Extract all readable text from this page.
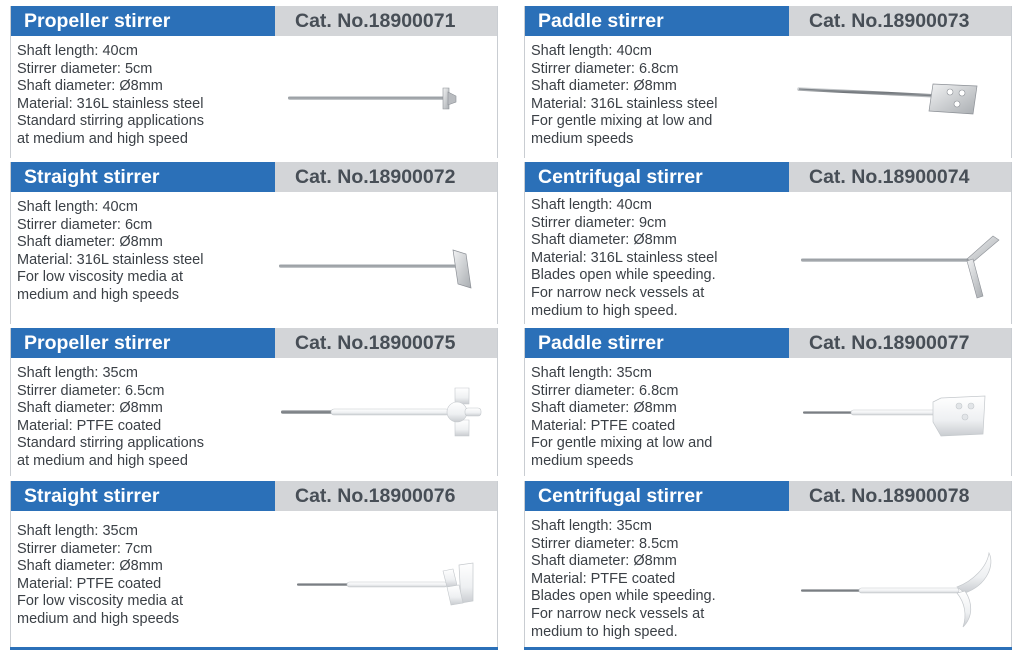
Propeller stirrer	Cat. No.18900071
Shaft length: 40cm
Stirrer diameter: 5cm
Shaft diameter: Ø8mm
Material: 316L stainless steel
Standard stirring applications
at medium and high speed
Paddle stirrer	Cat. No.18900073
Shaft length: 40cm
Stirrer diameter: 6.8cm
Shaft diameter: Ø8mm
Material: 316L stainless steel
For gentle mixing at low and
medium speeds
Straight stirrer	Cat. No.18900072
Shaft length: 40cm
Stirrer diameter: 6cm
Shaft diameter: Ø8mm
Material: 316L stainless steel
For low viscosity media at
medium and high speeds
Centrifugal stirrer	Cat. No.18900074
Shaft length: 40cm
Stirrer diameter: 9cm
Shaft diameter: Ø8mm
Material: 316L stainless steel
Blades open while speeding.
For narrow neck vessels at
medium to high speed.
Propeller stirrer	Cat. No.18900075
Shaft length: 35cm
Stirrer diameter: 6.5cm
Shaft diameter: Ø8mm
Material: PTFE coated
Standard stirring applications
at medium and high speed
Paddle stirrer	Cat. No.18900077
Shaft length: 35cm
Stirrer diameter: 6.8cm
Shaft diameter: Ø8mm
Material: PTFE coated
For gentle mixing at low and
medium speeds
Straight stirrer	Cat. No.18900076
Shaft length: 35cm
Stirrer diameter: 7cm
Shaft diameter: Ø8mm
Material: PTFE coated
For low viscosity media at
medium and high speeds
Centrifugal stirrer	Cat. No.18900078
Shaft length: 35cm
Stirrer diameter: 8.5cm
Shaft diameter: Ø8mm
Material: PTFE coated
Blades open while speeding.
For narrow neck vessels at
medium to high speed.
